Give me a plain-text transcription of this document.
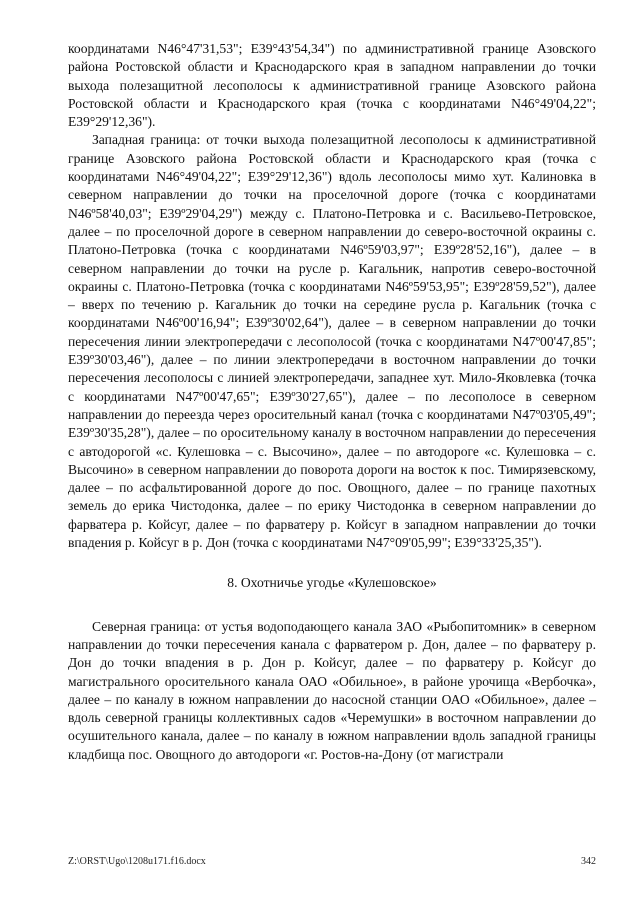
координатами N46°47'31,53"; E39°43'54,34") по административной границе Азовского района Ростовской области и Краснодарского края в западном направлении до точки выхода полезащитной лесополосы к административной границе Азовского района Ростовской области и Краснодарского края (точка с координатами N46°49'04,22"; E39°29'12,36").

Западная граница: от точки выхода полезащитной лесополосы к административной границе Азовского района Ростовской области и Краснодарского края (точка с координатами N46°49'04,22"; E39°29'12,36") вдоль лесополосы мимо хут. Калиновка в северном направлении до точки на проселочной дороге (точка с координатами N46º58'40,03"; E39º29'04,29") между с. Платоно-Петровка и с. Васильево-Петровское, далее – по проселочной дороге в северном направлении до северо-восточной окраины с. Платоно-Петровка (точка с координатами N46º59'03,97"; E39º28'52,16"), далее – в северном направлении до точки на русле р. Кагальник, напротив северо-восточной окраины с. Платоно-Петровка (точка с координатами N46º59'53,95"; E39º28'59,52"), далее – вверх по течению р. Кагальник до точки на середине русла р. Кагальник (точка с координатами N46º00'16,94"; E39º30'02,64"), далее – в северном направлении до точки пересечения линии электропередачи с лесополосой (точка с координатами N47º00'47,85"; E39º30'03,46"), далее – по линии электропередачи в восточном направлении до точки пересечения лесополосы с линией электропередачи, западнее хут. Мило-Яковлевка (точка с координатами N47º00'47,65"; E39º30'27,65"), далее – по лесополосе в северном направлении до переезда через оросительный канал (точка с координатами N47º03'05,49"; E39º30'35,28"), далее – по оросительному каналу в восточном направлении до пересечения с автодорогой «с. Кулешовка – с. Высочино», далее – по автодороге «с. Кулешовка – с. Высочино» в северном направлении до поворота дороги на восток к пос. Тимирязевскому, далее – по асфальтированной дороге до пос. Овощного, далее – по границе пахотных земель до ерика Чистодонка, далее – по ерику Чистодонка в северном направлении до фарватера р. Койсуг, далее – по фарватеру р. Койсуг в западном направлении до точки впадения р. Койсуг в р. Дон (точка с координатами N47°09'05,99"; E39°33'25,35").

8. Охотничье угодье «Кулешовское»

Северная граница: от устья водоподающего канала ЗАО «Рыбопитомник» в северном направлении до точки пересечения канала с фарватером р. Дон, далее – по фарватеру р. Дон до точки впадения в р. Дон р. Койсуг, далее – по фарватеру р. Койсуг до магистрального оросительного канала ОАО «Обильное», в районе урочища «Вербочка», далее – по каналу в южном направлении до насосной станции ОАО «Обильное», далее – вдоль северной границы коллективных садов «Черемушки» в восточном направлении до осушительного канала, далее – по каналу в южном направлении вдоль западной границы кладбища пос. Овощного до автодороги «г. Ростов-на-Дону (от магистрали

Z:\ORST\Ugo\1208u171.f16.docx	342
